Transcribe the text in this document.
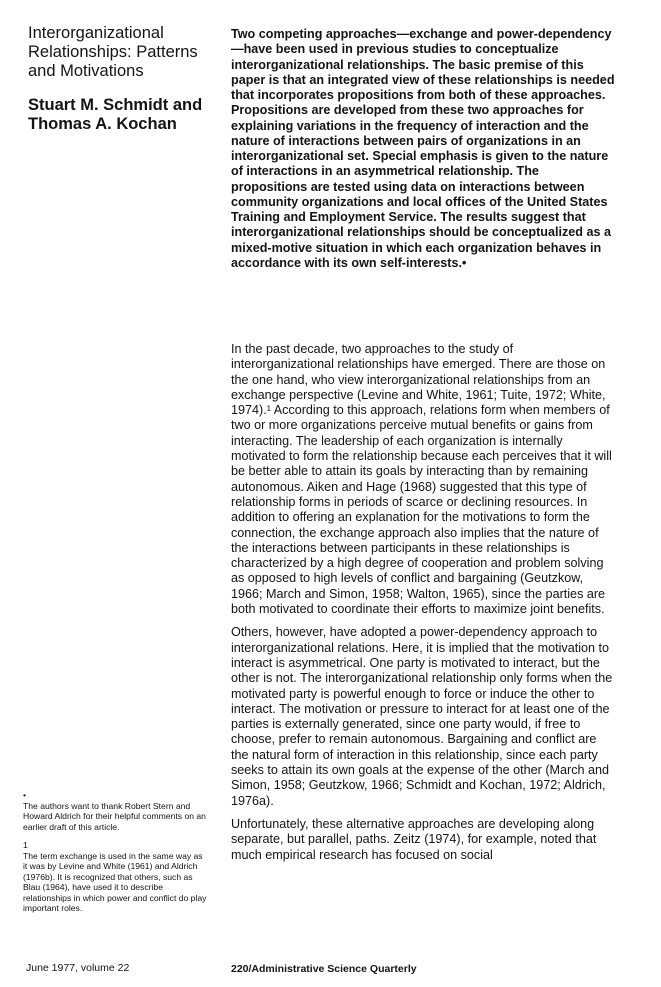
Interorganizational Relationships: Patterns and Motivations

Stuart M. Schmidt and Thomas A. Kochan

Two competing approaches—exchange and power-dependency—have been used in previous studies to conceptualize interorganizational relationships. The basic premise of this paper is that an integrated view of these relationships is needed that incorporates propositions from both of these approaches. Propositions are developed from these two approaches for explaining variations in the frequency of interaction and the nature of interactions between pairs of organizations in an interorganizational set. Special emphasis is given to the nature of interactions in an asymmetrical relationship. The propositions are tested using data on interactions between community organizations and local offices of the United States Training and Employment Service. The results suggest that interorganizational relationships should be conceptualized as a mixed-motive situation in which each organization behaves in accordance with its own self-interests.•

In the past decade, two approaches to the study of interorganizational relationships have emerged. There are those on the one hand, who view interorganizational relationships from an exchange perspective (Levine and White, 1961; Tuite, 1972; White, 1974).¹ According to this approach, relations form when members of two or more organizations perceive mutual benefits or gains from interacting. The leadership of each organization is internally motivated to form the relationship because each perceives that it will be better able to attain its goals by interacting than by remaining autonomous. Aiken and Hage (1968) suggested that this type of relationship forms in periods of scarce or declining resources. In addition to offering an explanation for the motivations to form the connection, the exchange approach also implies that the nature of the interactions between participants in these relationships is characterized by a high degree of cooperation and problem solving as opposed to high levels of conflict and bargaining (Geutzkow, 1966; March and Simon, 1958; Walton, 1965), since the parties are both motivated to coordinate their efforts to maximize joint benefits.

Others, however, have adopted a power-dependency approach to interorganizational relations. Here, it is implied that the motivation to interact is asymmetrical. One party is motivated to interact, but the other is not. The interorganizational relationship only forms when the motivated party is powerful enough to force or induce the other to interact. The motivation or pressure to interact for at least one of the parties is externally generated, since one party would, if free to choose, prefer to remain autonomous. Bargaining and conflict are the natural form of interaction in this relationship, since each party seeks to attain its own goals at the expense of the other (March and Simon, 1958; Geutzkow, 1966; Schmidt and Kochan, 1972; Aldrich, 1976a).

Unfortunately, these alternative approaches are developing along separate, but parallel, paths. Zeitz (1974), for example, noted that much empirical research has focused on social

•

The authors want to thank Robert Stern and Howard Aldrich for their helpful comments on an earlier draft of this article.

1

The term exchange is used in the same way as it was by Levine and White (1961) and Aldrich (1976b). It is recognized that others, such as Blau (1964), have used it to describe relationships in which power and conflict do play important roles.

June 1977, volume 22	220/Administrative Science Quarterly
